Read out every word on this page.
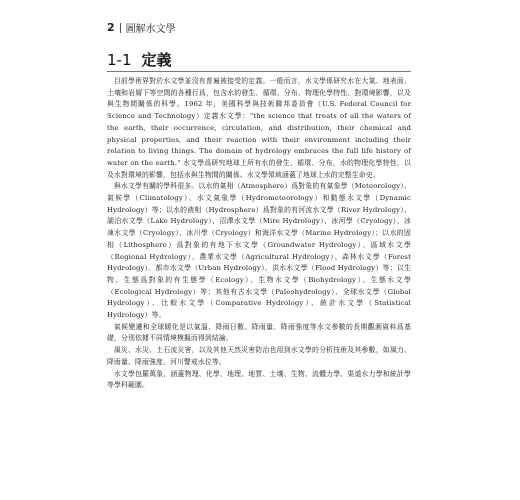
2 圖解水文學
1-1 定義

目前學術界對於水文學並沒有普遍被接受的定義。一般而言，水文學係研究水在大氣、地表面、土壤和岩層下等空間的各種行爲，包含水的發生、循環、分布、物理化學特性、對環境影響，以及與生物間關係的科學。1962 年，美國科學與技術聯邦委員會（U.S. Federal Council for Science and Technology）定義水文學："the science that treats of all the waters of the earth, their occurrence, circulation, and distribution, their chemical and physical properties, and their reaction with their environment including their relation to living things. The domain of hydrology embraces the full life history of water on the earth." 水文學爲研究地球上所有水的發生、循環、分布，水的物理化學特性，以及水對環境的影響，包括水與生物間的關係。水文學領域涵蓋了地球上水的完整生命史。

與水文學有關的學科很多。以水的氣相（Atmosphere）爲對象的有氣象學（Meteorology）、氣候學（Climatology）、水文氣象學（Hydrometeorology）和動態水文學（Dynamic Hydrology）等；以水的液相（Hydrosphere）爲對象的有河流水文學（River Hydrology）、湖泊水文學（Lake Hydrology）、沼澤水文學（Mire Hydrology）、冰河學（Cryology）、冰凍水文學（Cryology）、冰川學（Cryology）和海洋水文學（Marine Hydrology）；以水的固相（Lithosphere）爲對象的有地下水文學（Groundwater Hydrology）、區域水文學（Regional Hydrology）、農業水文學（Agricultural Hydrology）、森林水文學（Forest Hydrology）、都市水文學（Urban Hydrology）、洪水水文學（Flood Hydrology）等；以生物、生態爲對象的有生態學（Ecology）、生物水文學（Biohydrology）、生態水文學（Ecological Hydrology）等；其他有古水文學（Paleohydrology）、全球水文學（Global Hydrology）、比較水文學（Comparative Hydrology）、統計水文學（Statistical Hydrology）等。

氣候變遷和全球暖化是以氣溫、降雨日數、降雨量、降雨強度等水文參數的長期觀測資料爲基礎，分別依據不同情境模擬而得到結論。

風災、水災、土石流災害，以及其他天然災害防治也用到水文學的分析技術及其參數，如風力、降雨量、降雨強度、河川警戒水位等。

水文學包羅萬象，涵蓋物理、化學、地理、地質、土壤、生物、流體力學、渠道水力學和統計學等學科範圍。
